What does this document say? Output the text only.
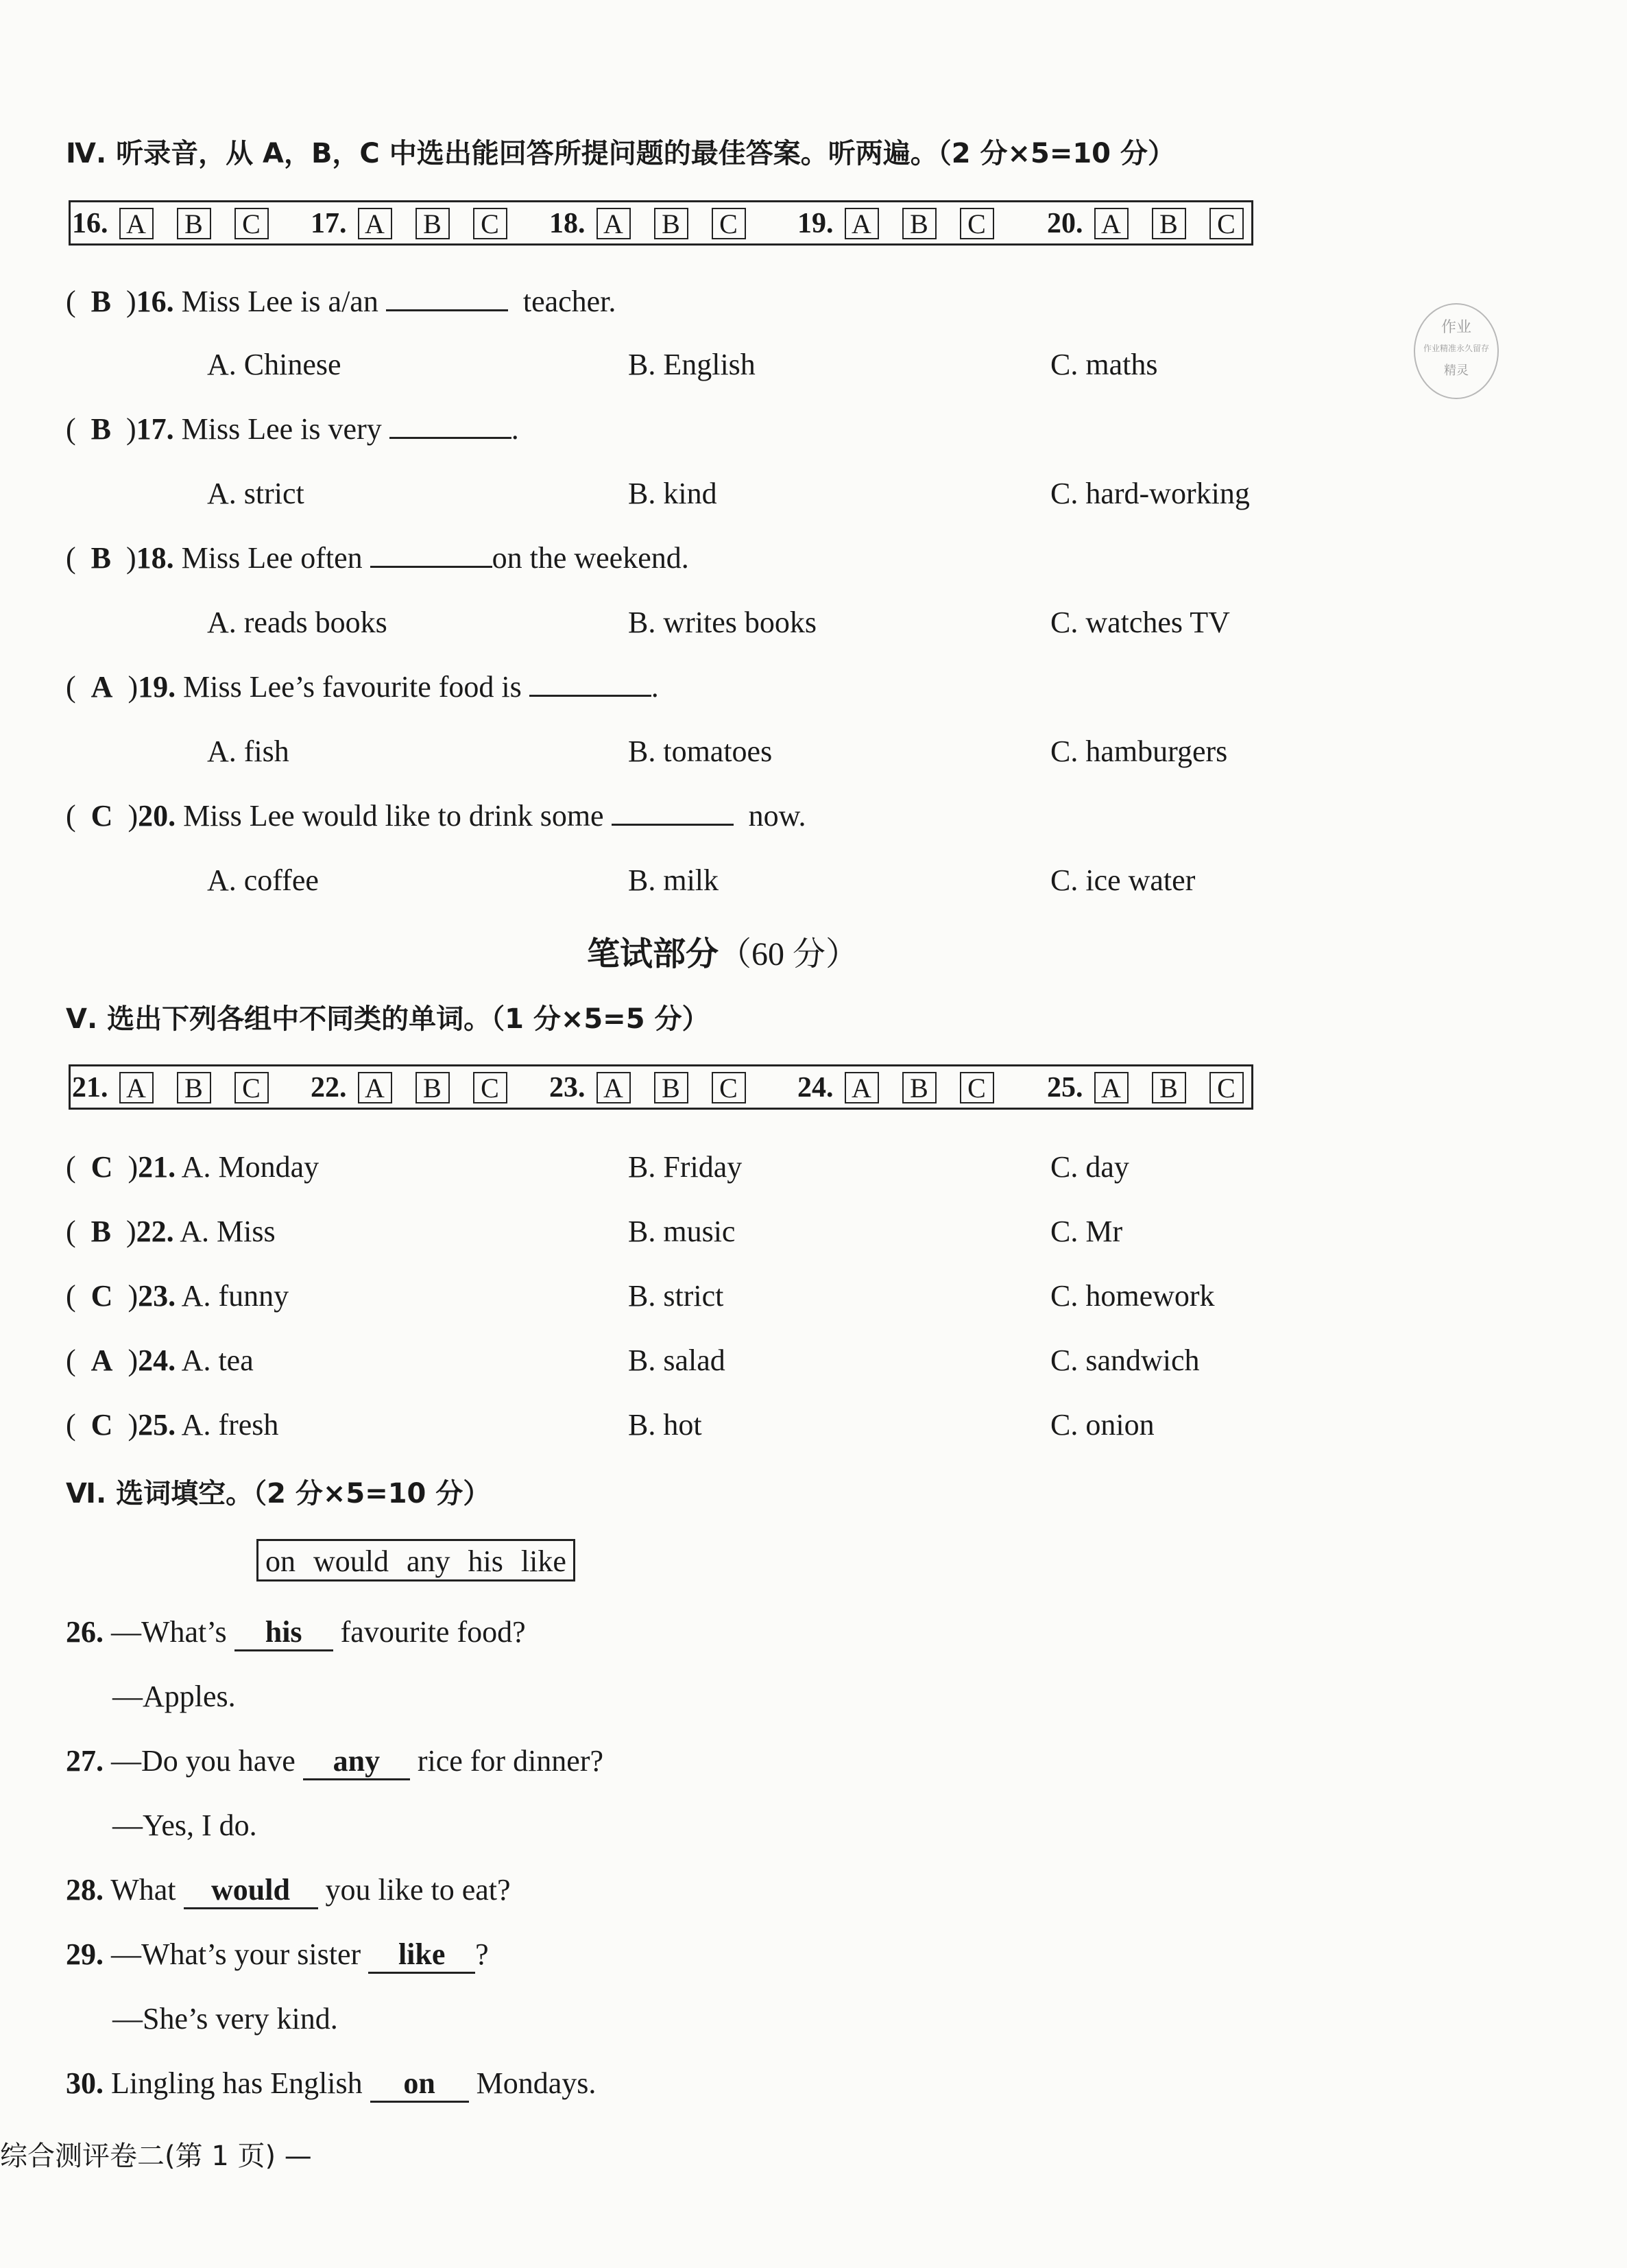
Ⅳ. 听录音，从 A，B，C 中选出能回答所提问题的最佳答案。听两遍。（2 分×5=10 分）
16. A B C 17. A B C 18. A B C 19. A B C 20. A B C
(  B  )16. Miss Lee is a/an	teacher.
A. Chinese	B. English	C. maths
(  B  )17. Miss Lee is very	.
A. strict	B. kind	C. hard-working
(  B  )18. Miss Lee often	on the weekend.
A. reads books	B. writes books	C. watches TV
(  A  )19. Miss Lee’s favourite food is	.
A. fish	B. tomatoes	C. hamburgers
(  C  )20. Miss Lee would like to drink some	now.
A. coffee	B. milk	C. ice water
笔试部分（60 分）
Ⅴ. 选出下列各组中不同类的单词。（1 分×5=5 分）
21. A B C 22. A B C 23. A B C 24. A B C 25. A B C
(  C  )21. A. Monday	B. Friday	C. day
(  B  )22. A. Miss	B. music	C. Mr
(  C  )23. A. funny	B. strict	C. homework
(  A  )24. A. tea	B. salad	C. sandwich
(  C  )25. A. fresh	B. hot	C. onion
Ⅵ. 选词填空。（2 分×5=10 分）
on would any his like
26. —What’s his favourite food?
—Apples.
27. —Do you have any rice for dinner?
—Yes, I do.
28. What would you like to eat?
29. —What’s your sister like ?
—She’s very kind.
30. Lingling has English on Mondays.
综合测评卷二(第 1 页) —
作业
作业精准永久留存
精灵
